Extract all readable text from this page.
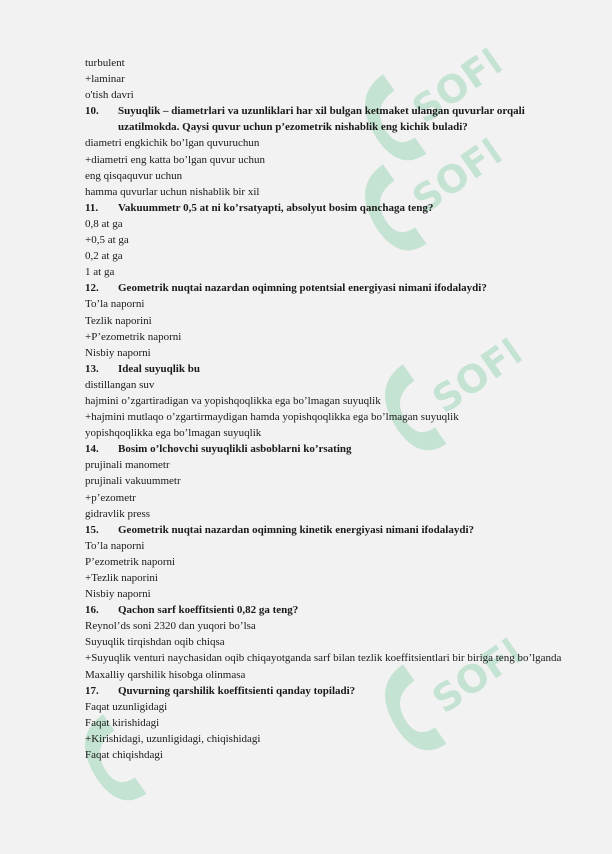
SOFF
SOFF
SOFF
SOFF
turbulent
+laminar
o'tish davri
10.	Suyuqlik – diametrlari va uzunliklari har xil bulgan ketmaket ulangan quvurlar orqali uzatilmokda. Qaysi quvur uchun p’ezometrik nishablik eng kichik buladi?
diametri engkichik bo’lgan quvuruchun
+diametri eng katta bo’lgan quvur uchun
eng qisqaquvur uchun
hamma quvurlar uchun nishablik bir xil
11.	Vakuummetr 0,5 at ni ko’rsatyapti, absolyut bosim qanchaga teng?
0,8 at ga
+0,5 at ga
0,2 at ga
1 at ga
12.	Geometrik nuqtai nazardan oqimning potentsial energiyasi nimani ifodalaydi?
To’la naporni
Tezlik naporini
+P’ezometrik naporni
Nisbiy naporni
13.	Ideal suyuqlik bu
distillangan suv
hajmini o’zgartiradigan va yopishqoqlikka ega bo’lmagan suyuqlik
+hajmini mutlaqo o’zgartirmaydigan hamda yopishqoqlikka ega bo’lmagan suyuqlik
yopishqoqlikka ega bo’lmagan suyuqlik
14.	Bosim o’lchovchi suyuqlikli asboblarni ko’rsating
prujinali manometr
prujinali vakuummetr
+p’ezometr
gidravlik press
15.	Geometrik nuqtai nazardan oqimning kinetik energiyasi nimani ifodalaydi?
To’la naporni
P’ezometrik naporni
+Tezlik naporini
Nisbiy naporni
16.	Qachon sarf koeffitsienti 0,82 ga teng?
Reynol’ds soni 2320 dan yuqori bo’lsa
Suyuqlik tirqishdan oqib chiqsa
+Suyuqlik venturi naychasidan oqib chiqayotganda sarf bilan tezlik koeffitsientlari bir biriga teng bo’lganda
Maxalliy qarshilik hisobga olinmasa
17.	Quvurning qarshilik koeffitsienti qanday topiladi?
Faqat uzunligidagi
Faqat kirishidagi
+Kirishidagi, uzunligidagi, chiqishidagi
Faqat chiqishdagi
